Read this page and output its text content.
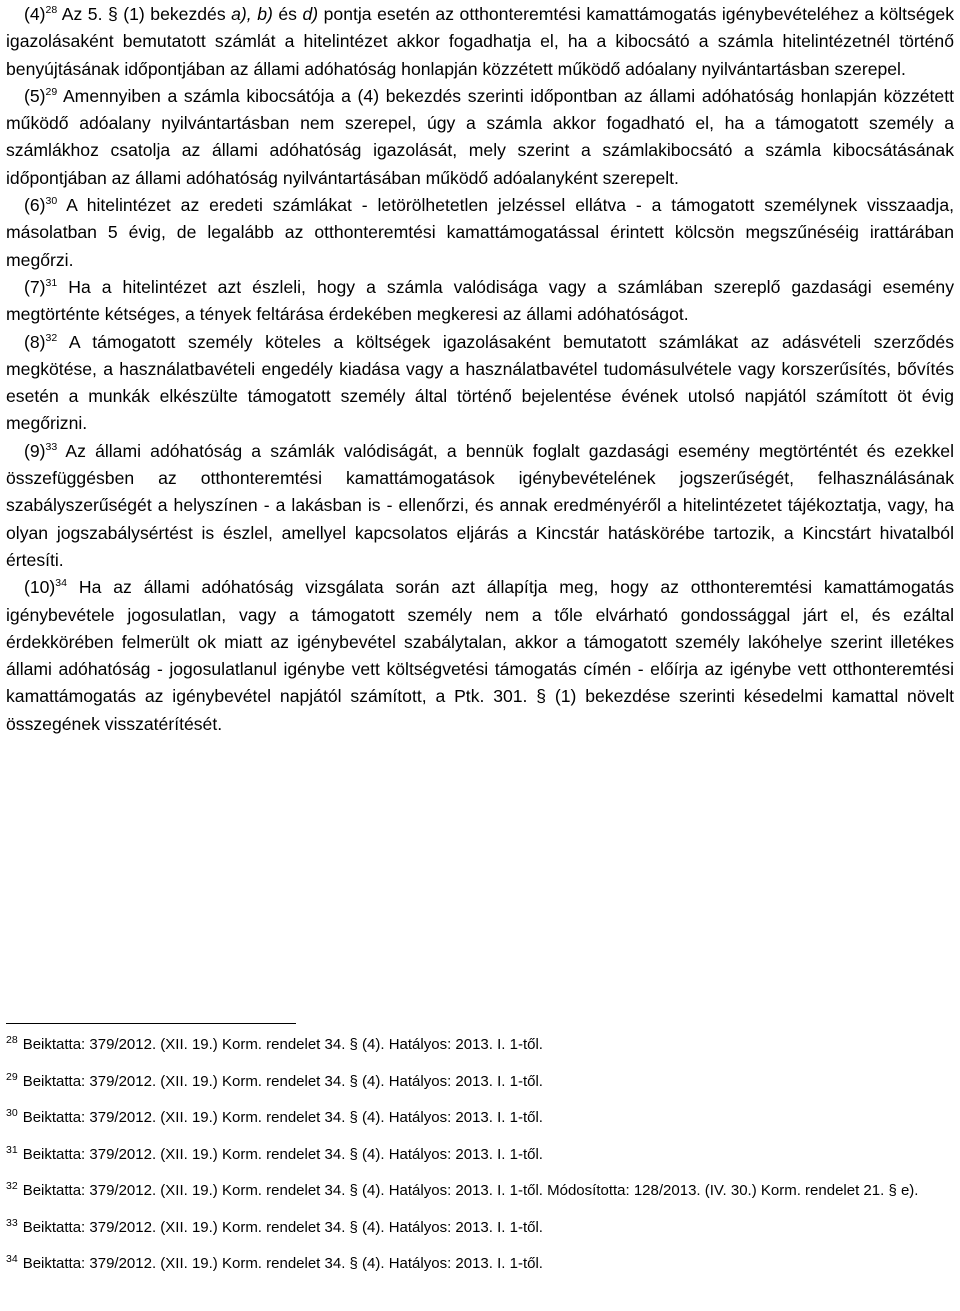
$(4)^{28}$ Az 5. § (1) bekezdés a), b) és d) pontja esetén az otthonteremtési kamattámogatás igénybevételéhez a költségek igazolásaként bemutatott számlát a hitelintézet akkor fogadhatja el, ha a kibocsátó a számla hitelintézetnél történő benyújtásának időpontjában az állami adóhatóság honlapján közzétett működő adóalany nyilvántartásban szerepel.

$(5)^{29}$ Amennyiben a számla kibocsátója a (4) bekezdés szerinti időpontban az állami adóhatóság honlapján közzétett működő adóalany nyilvántartásban nem szerepel, úgy a számla akkor fogadható el, ha a támogatott személy a számlákhoz csatolja az állami adóhatóság igazolását, mely szerint a számlakibocsátó a számla kibocsátásának időpontjában az állami adóhatóság nyilvántartásában működő adóalanyként szerepelt.

$(6)^{30}$ A hitelintézet az eredeti számlákat - letörölhetetlen jelzéssel ellátva - a támogatott személynek visszaadja, másolatban 5 évig, de legalább az otthonteremtési kamattámogatással érintett kölcsön megszűnéséig irattárában megőrzi.

$(7)^{31}$ Ha a hitelintézet azt észleli, hogy a számla valódisága vagy a számlában szereplő gazdasági esemény megtörténte kétséges, a tények feltárása érdekében megkeresi az állami adóhatóságot.

$(8)^{32}$ A támogatott személy köteles a költségek igazolásaként bemutatott számlákat az adásvételi szerződés megkötése, a használatbavételi engedély kiadása vagy a használatbavétel tudomásulvétele vagy korszerűsítés, bővítés esetén a munkák elkészülte támogatott személy által történő bejelentése évének utolsó napjától számított öt évig megőrizni.

$(9)^{33}$ Az állami adóhatóság a számlák valódiságát, a bennük foglalt gazdasági esemény megtörténtét és ezekkel összefüggésben az otthonteremtési kamattámogatások igénybevételének jogszerűségét, felhasználásának szabályszerűségét a helyszínen - a lakásban is - ellenőrzi, és annak eredményéről a hitelintézetet tájékoztatja, vagy, ha olyan jogszabálysértést is észlel, amellyel kapcsolatos eljárás a Kincstár hatáskörébe tartozik, a Kincstárt hivatalból értesíti.

$(10)^{34}$ Ha az állami adóhatóság vizsgálata során azt állapítja meg, hogy az otthonteremtési kamattámogatás igénybevétele jogosulatlan, vagy a támogatott személy nem a tőle elvárható gondossággal járt el, és ezáltal érdekkörében felmerült ok miatt az igénybevétel szabálytalan, akkor a támogatott személy lakóhelye szerint illetékes állami adóhatóság - jogosulatlanul igénybe vett költségvetési támogatás címén - előírja az igénybe vett otthonteremtési kamattámogatás az igénybevétel napjától számított, a Ptk. 301. § (1) bekezdése szerinti késedelmi kamattal növelt összegének visszatérítését.

$^{28}$ Beiktatta: 379/2012. (XII. 19.) Korm. rendelet 34. § (4). Hatályos: 2013. I. 1-től.

$^{29}$ Beiktatta: 379/2012. (XII. 19.) Korm. rendelet 34. § (4). Hatályos: 2013. I. 1-től.

$^{30}$ Beiktatta: 379/2012. (XII. 19.) Korm. rendelet 34. § (4). Hatályos: 2013. I. 1-től.

$^{31}$ Beiktatta: 379/2012. (XII. 19.) Korm. rendelet 34. § (4). Hatályos: 2013. I. 1-től.

$^{32}$ Beiktatta: 379/2012. (XII. 19.) Korm. rendelet 34. § (4). Hatályos: 2013. I. 1-től. Módosította: 128/2013. (IV. 30.) Korm. rendelet 21. § e).

$^{33}$ Beiktatta: 379/2012. (XII. 19.) Korm. rendelet 34. § (4). Hatályos: 2013. I. 1-től.

$^{34}$ Beiktatta: 379/2012. (XII. 19.) Korm. rendelet 34. § (4). Hatályos: 2013. I. 1-től.
